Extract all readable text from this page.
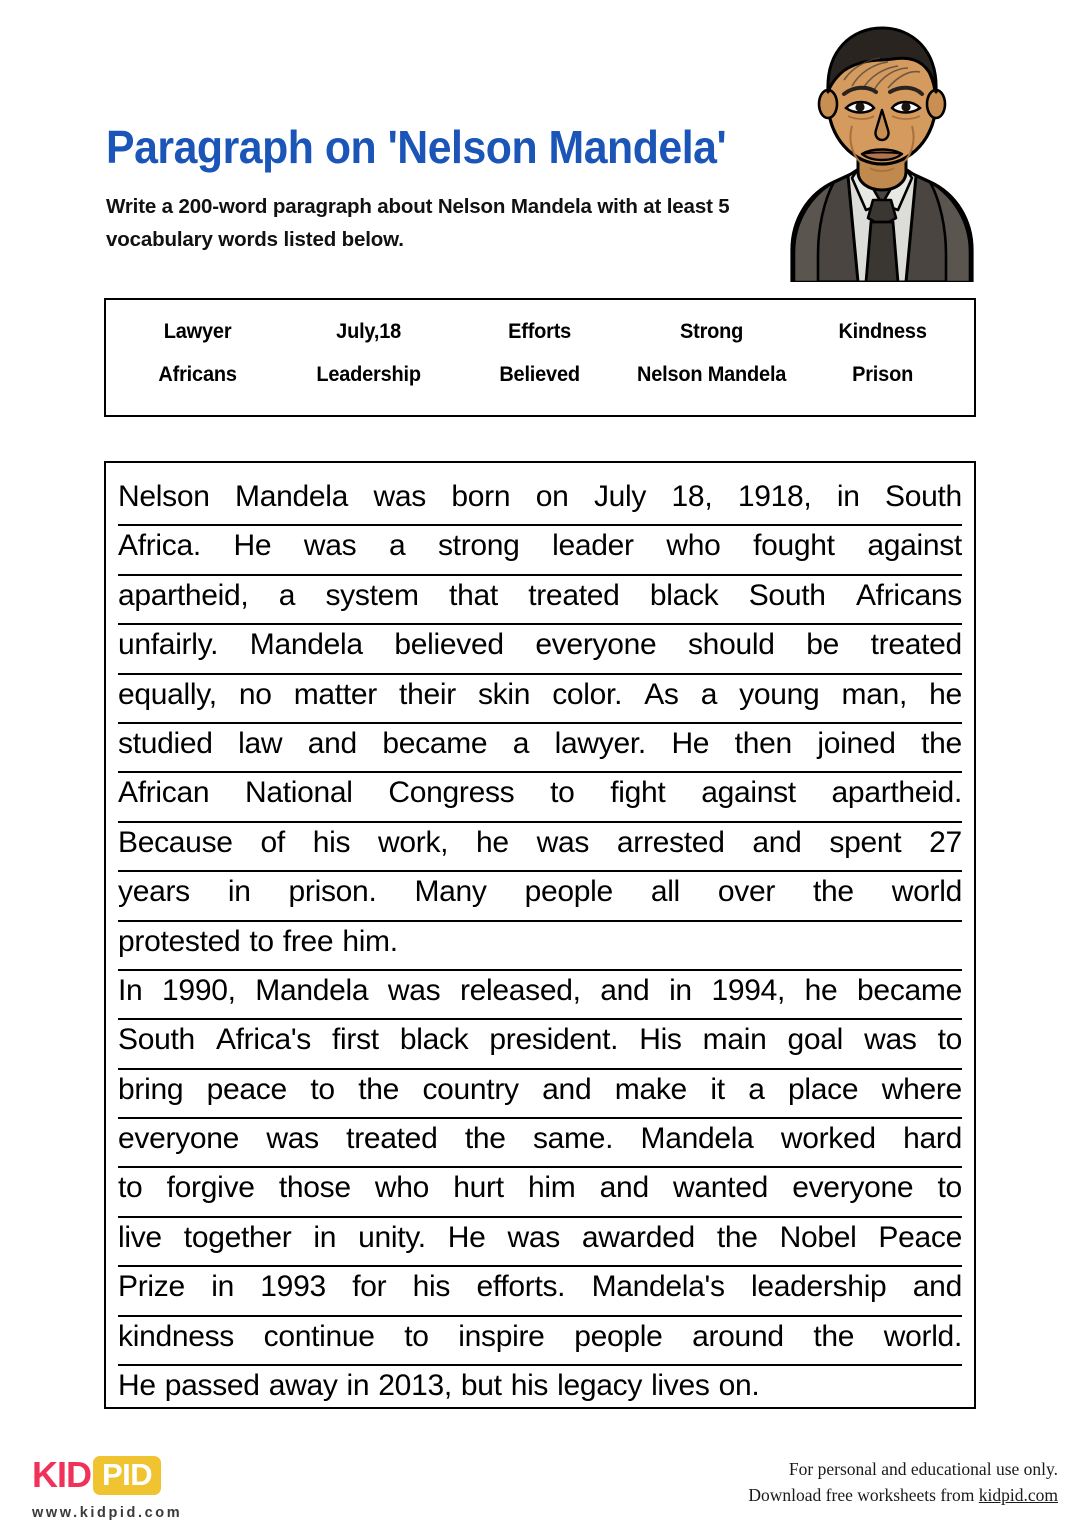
Paragraph on 'Nelson Mandela'
Write a 200-word paragraph about Nelson Mandela with at least 5 vocabulary words listed below.
Lawyer	July,18	Efforts	Strong	Kindness
Africans	Leadership	Believed	Nelson Mandela	Prison
Nelson Mandela was born on July 18, 1918, in South
Africa. He was a strong leader who fought against
apartheid, a system that treated black South Africans
unfairly. Mandela believed everyone should be treated
equally, no matter their skin color. As a young man, he
studied law and became a lawyer. He then joined the
African National Congress to fight against apartheid.
Because of his work, he was arrested and spent 27
years in prison. Many people all over the world
protested to free him.
In 1990, Mandela was released, and in 1994, he became
South Africa's first black president. His main goal was to
bring peace to the country and make it a place where
everyone was treated the same. Mandela worked hard
to forgive those who hurt him and wanted everyone to
live together in unity. He was awarded the Nobel Peace
Prize in 1993 for his efforts. Mandela's leadership and
kindness continue to inspire people around the world.
He passed away in 2013, but his legacy lives on.
KID PID
www.kidpid.com
For personal and educational use only.
Download free worksheets from kidpid.com
